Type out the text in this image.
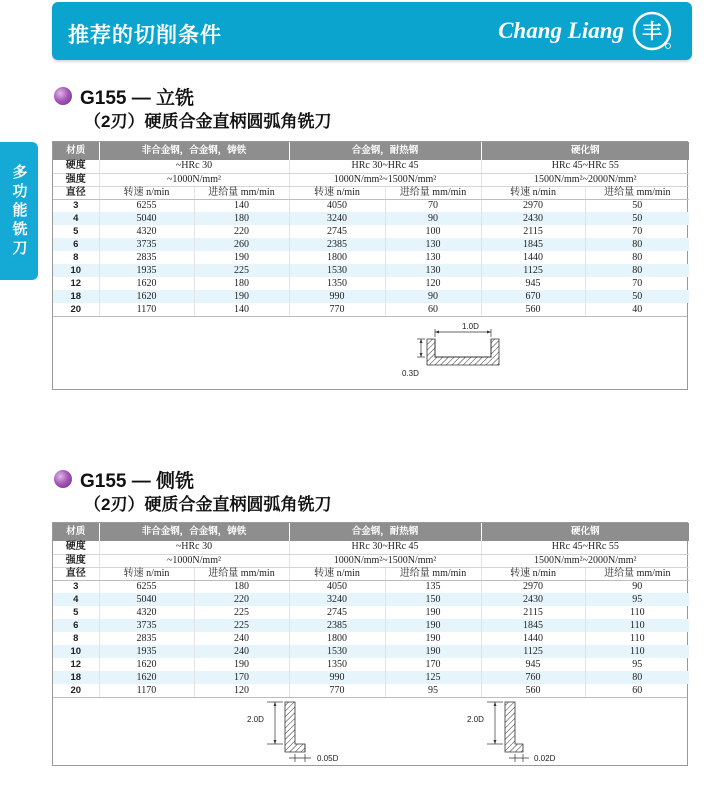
推荐的切削条件	Chang Liang 丰
多功能铣刀
G155 — 立铣
（2刃）硬质合金直柄圆弧角铣刀
材质	非合金钢，合金钢，铸铁		合金钢，耐热钢		硬化钢	
硬度	~HRc 30		HRc 30~HRc 45		HRc 45~HRc 55	
强度	~1000N/mm²		1000N/mm²~1500N/mm²		1500N/mm²~2000N/mm²	
直径	转速 n/min	进给量 mm/min	转速 n/min	进给量 mm/min	转速 n/min	进给量 mm/min
3	6255	140	4050	70	2970	50
4	5040	180	3240	90	2430	50
5	4320	220	2745	100	2115	70
6	3735	260	2385	130	1845	80
8	2835	190	1800	130	1440	80
10	1935	225	1530	130	1125	80
12	1620	180	1350	120	945	70
18	1620	190	990	90	670	50
20	1170	140	770	60	560	40
1.0D
0.3D
G155 — 侧铣
（2刃）硬质合金直柄圆弧角铣刀
材质	非合金钢，合金钢，铸铁		合金钢，耐热钢		硬化钢	
硬度	~HRc 30		HRc 30~HRc 45		HRc 45~HRc 55	
强度	~1000N/mm²		1000N/mm²~1500N/mm²		1500N/mm²~2000N/mm²	
直径	转速 n/min	进给量 mm/min	转速 n/min	进给量 mm/min	转速 n/min	进给量 mm/min
3	6255	180	4050	135	2970	90
4	5040	220	3240	150	2430	95
5	4320	225	2745	190	2115	110
6	3735	225	2385	190	1845	110
8	2835	240	1800	190	1440	110
10	1935	240	1530	190	1125	110
12	1620	190	1350	170	945	95
18	1620	170	990	125	760	80
20	1170	120	770	95	560	60
2.0D
0.05D
2.0D
0.02D
